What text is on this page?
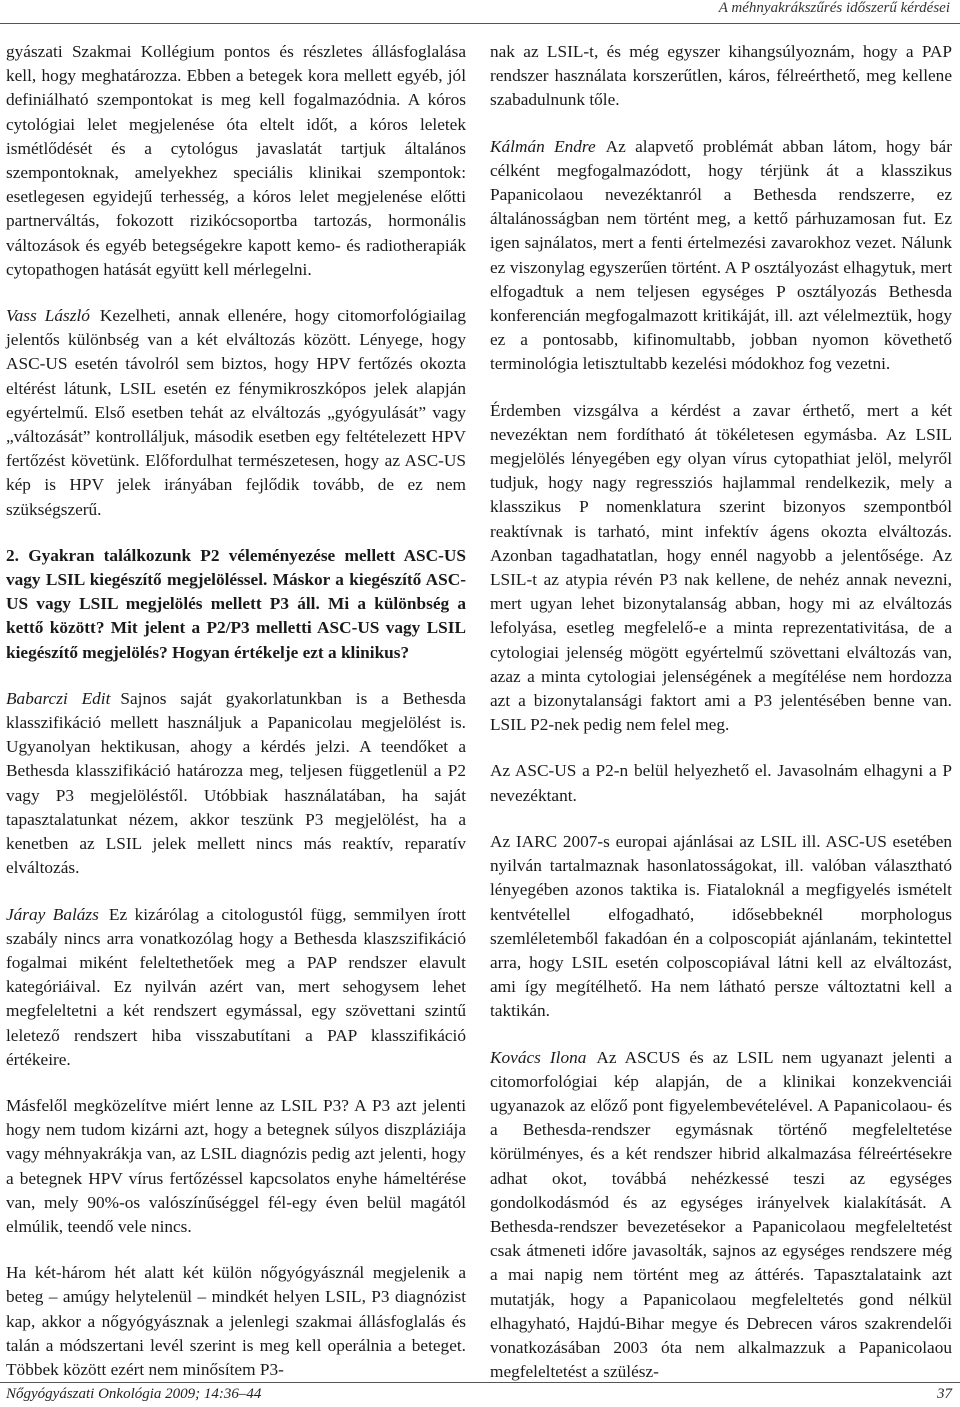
A méhnyakrákszűrés időszerű kérdései

gyászati Szakmai Kollégium pontos és részletes állásfoglalása kell, hogy meghatározza. Ebben a betegek kora mellett egyéb, jól definiálható szempontokat is meg kell fogalmazódnia. A kóros cytológiai lelet megjelenése óta eltelt időt, a kóros leletek ismétlődését és a cytológus javaslatát tartjuk általános szempontoknak, amelyekhez speciális klinikai szempontok: esetlegesen egyidejű terhesség, a kóros lelet megjelenése előtti partnerváltás, fokozott rizikócsoportba tartozás, hormonális változások és egyéb betegségekre kapott kemo- és radiotherapiák cytopathogen hatását együtt kell mérlegelni.

Vass László Kezelheti, annak ellenére, hogy citomorfológiailag jelentős különbség van a két elváltozás között. Lényege, hogy ASC-US esetén távolról sem biztos, hogy HPV fertőzés okozta eltérést látunk, LSIL esetén ez fénymikroszkópos jelek alapján egyértelmű. Első esetben tehát az elváltozás „gyógyulását” vagy „változását” kontrolláljuk, második esetben egy feltételezett HPV fertőzést követünk. Előfordulhat természetesen, hogy az ASC-US kép is HPV jelek irányában fejlődik tovább, de ez nem szükségszerű.

2. Gyakran találkozunk P2 véleményezése mellett ASC-US vagy LSIL kiegészítő megjelöléssel. Máskor a kiegészítő ASC-US vagy LSIL megjelölés mellett P3 áll. Mi a különbség a kettő között? Mit jelent a P2/P3 melletti ASC-US vagy LSIL kiegészítő megjelölés? Hogyan értékelje ezt a klinikus?

Babarczi Edit Sajnos saját gyakorlatunkban is a Bethesda klasszifikáció mellett használjuk a Papanicolau megjelölést is. Ugyanolyan hektikusan, ahogy a kérdés jelzi. A teendőket a Bethesda klasszifikáció határozza meg, teljesen függetlenül a P2 vagy P3 megjelöléstől. Utóbbiak használatában, ha saját tapasztalatunkat nézem, akkor teszünk P3 megjelölést, ha a kenetben az LSIL jelek mellett nincs más reaktív, reparatív elváltozás.

Járay Balázs Ez kizárólag a citologustól függ, semmilyen írott szabály nincs arra vonatkozólag hogy a Bethesda klaszszifikáció fogalmai miként feleltethetőek meg a PAP rendszer elavult kategóriáival. Ez nyilván azért van, mert sehogysem lehet megfeleltetni a két rendszert egymással, egy szövettani szintű leletező rendszert hiba visszabutítani a PAP klasszifikáció értékeire.

Másfelől megközelítve miért lenne az LSIL P3? A P3 azt jelenti hogy nem tudom kizárni azt, hogy a betegnek súlyos diszpláziája vagy méhnyakrákja van, az LSIL diagnózis pedig azt jelenti, hogy a betegnek HPV vírus fertőzéssel kapcsolatos enyhe hámeltérése van, mely 90%-os valószínűséggel fél-egy éven belül magától elmúlik, teendő vele nincs.

Ha két-három hét alatt két külön nőgyógyásznál megjelenik a beteg – amúgy helytelenül – mindkét helyen LSIL, P3 diagnózist kap, akkor a nőgyógyásznak a jelenlegi szakmai állásfoglalás és talán a módszertani levél szerint is meg kell operálnia a beteget. Többek között ezért nem minősítem P3-

nak az LSIL-t, és még egyszer kihangsúlyoznám, hogy a PAP rendszer használata korszerűtlen, káros, félreérthető, meg kellene szabadulnunk tőle.

Kálmán Endre Az alapvető problémát abban látom, hogy bár célként megfogalmazódott, hogy térjünk át a klasszikus Papanicolaou nevezéktanról a Bethesda rendszerre, ez általánosságban nem történt meg, a kettő párhuzamosan fut. Ez igen sajnálatos, mert a fenti értelmezési zavarokhoz vezet. Nálunk ez viszonylag egyszerűen történt. A P osztályozást elhagytuk, mert elfogadtuk a nem teljesen egységes P osztályozás Bethesda konferencián megfogalmazott kritikáját, ill. azt vélelmeztük, hogy ez a pontosabb, kifinomultabb, jobban nyomon követhető terminológia letisztultabb kezelési módokhoz fog vezetni.

Érdemben vizsgálva a kérdést a zavar érthető, mert a két nevezéktan nem fordítható át tökéletesen egymásba. Az LSIL megjelölés lényegében egy olyan vírus cytopathiat jelöl, melyről tudjuk, hogy nagy regressziós hajlammal rendelkezik, mely a klasszikus P nomenklatura szerint bizonyos szempontból reaktívnak is tarható, mint infektív ágens okozta elváltozás. Azonban tagadhatatlan, hogy ennél nagyobb a jelentősége. Az LSIL-t az atypia révén P3 nak kellene, de nehéz annak nevezni, mert ugyan lehet bizonytalanság abban, hogy mi az elváltozás lefolyása, esetleg megfelelő-e a minta reprezentativitása, de a cytologiai jelenség mögött egyértelmű szövettani elváltozás van, azaz a minta cytologiai jelenségének a megítélése nem hordozza azt a bizonytalansági faktort ami a P3 jelentésében benne van. LSIL P2-nek pedig nem felel meg.

Az ASC-US a P2-n belül helyezhető el. Javasolnám elhagyni a P nevezéktant.

Az IARC 2007-s europai ajánlásai az LSIL ill. ASC-US esetében nyilván tartalmaznak hasonlatosságokat, ill. valóban választható lényegében azonos taktika is. Fiataloknál a megfigyelés ismételt kentvétellel elfogadható, idősebbeknél morphologus szemléletemből fakadóan én a colposcopiát ajánlanám, tekintettel arra, hogy LSIL esetén colposcopiával látni kell az elváltozást, ami így megítélhető. Ha nem látható persze változtatni kell a taktikán.

Kovács Ilona Az ASCUS és az LSIL nem ugyanazt jelenti a citomorfológiai kép alapján, de a klinikai konzekvenciái ugyanazok az előző pont figyelembevételével. A Papanicolaou- és a Bethesda-rendszer egymásnak történő megfeleltetése körülményes, és a két rendszer hibrid alkalmazása félreértésekre adhat okot, továbbá nehézkessé teszi az egységes gondolkodásmód és az egységes irányelvek kialakítását. A Bethesda-rendszer bevezetésekor a Papanicolaou megfeleltetést csak átmeneti időre javasolták, sajnos az egységes rendszere még a mai napig nem történt meg az áttérés. Tapasztalataink azt mutatják, hogy a Papanicolaou megfeleltetés gond nélkül elhagyható, Hajdú-Bihar megye és Debrecen város szakrendelői vonatkozásában 2003 óta nem alkalmazzuk a Papanicolaou megfeleltetést a szülész-

Nőgyógyászati Onkológia 2009; 14:36–44	37
